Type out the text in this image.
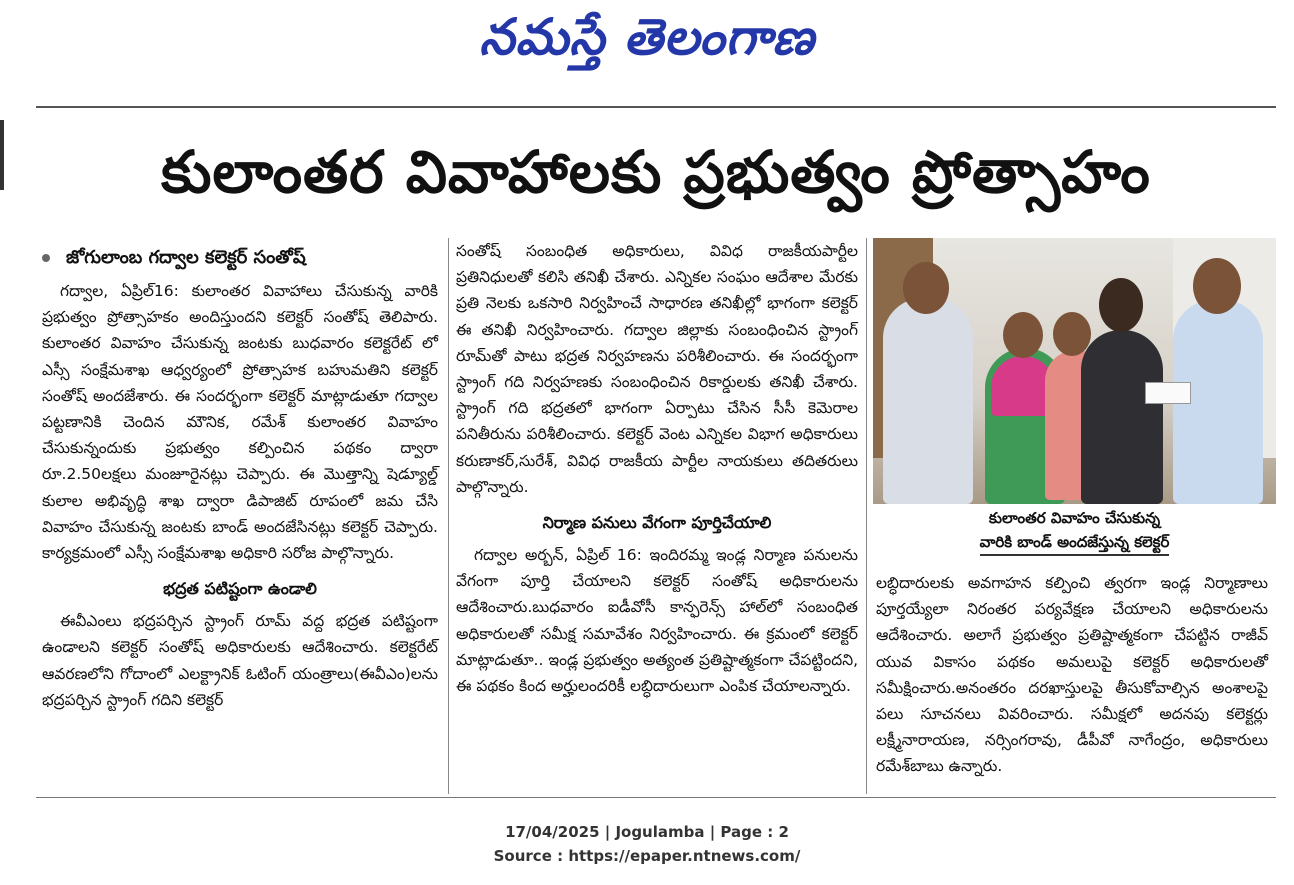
నమస్తే తెలంగాణ
కులాంతర వివాహాలకు ప్రభుత్వం ప్రోత్సాహం
జోగులాంబ గద్వాల కలెక్టర్ సంతోష్

గద్వాల, ఏప్రిల్16: కులాంతర వివాహాలు చేసుకున్న వారికి ప్రభుత్వం ప్రోత్సాహకం అందిస్తుందని కలెక్టర్ సంతోష్ తెలిపారు. కులాంతర వివాహం చేసుకున్న జంటకు బుధవారం కలెక్టరేట్ లో ఎస్సీ సంక్షేమశాఖ ఆధ్వర్యంలో ప్రోత్సాహక బహుమతిని కలెక్టర్ సంతోష్ అందజేశారు. ఈ సందర్భంగా కలెక్టర్ మాట్లాడుతూ గద్వాల పట్టణానికి చెందిన మౌనిక, రమేశ్ కులాంతర వివాహం చేసుకున్నందుకు ప్రభుత్వం కల్పించిన పథకం ద్వారా రూ.2.50లక్షలు మంజూరైనట్లు చెప్పారు. ఈ మొత్తాన్ని షెడ్యూల్డ్ కులాల అభివృద్ధి శాఖ ద్వారా డిపాజిట్ రూపంలో జమ చేసి వివాహం చేసుకున్న జంటకు బాండ్ అందజేసినట్లు కలెక్టర్ చెప్పారు. కార్యక్రమంలో ఎస్సీ సంక్షేమశాఖ అధికారి సరోజ పాల్గొన్నారు.

భద్రత పటిష్టంగా ఉండాలి

ఈవీఎంలు భద్రపర్చిన స్ట్రాంగ్ రూమ్ వద్ద భద్రత పటిష్టంగా ఉండాలని కలెక్టర్ సంతోష్ అధికారులకు ఆదేశించారు. కలెక్టరేట్ ఆవరణలోని గోదాంలో ఎలక్ట్రానిక్ ఓటింగ్ యంత్రాలు(ఈవీఎం)లను భద్రపర్చిన స్ట్రాంగ్ గదిని కలెక్టర్

సంతోష్ సంబంధిత అధికారులు, వివిధ రాజకీయపార్టీల ప్రతినిధులతో కలిసి తనిఖీ చేశారు. ఎన్నికల సంఘం ఆదేశాల మేరకు ప్రతి నెలకు ఒకసారి నిర్వహించే సాధారణ తనిఖీల్లో భాగంగా కలెక్టర్ ఈ తనిఖీ నిర్వహించారు. గద్వాల జిల్లాకు సంబంధించిన స్ట్రాంగ్ రూమ్‌తో పాటు భద్రత నిర్వహణను పరిశీలించారు. ఈ సందర్భంగా స్ట్రాంగ్ గది నిర్వహణకు సంబంధించిన రికార్డులకు తనిఖీ చేశారు. స్ట్రాంగ్ గది భద్రతలో భాగంగా ఏర్పాటు చేసిన సీసీ కెమెరాల పనితీరును పరిశీలించారు. కలెక్టర్ వెంట ఎన్నికల విభాగ అధికారులు కరుణాకర్,సురేశ్, వివిధ రాజకీయ పార్టీల నాయకులు తదితరులు పాల్గొన్నారు.

నిర్మాణ పనులు వేగంగా పూర్తిచేయాలి

గద్వాల అర్బన్, ఏప్రిల్ 16: ఇందిరమ్మ ఇండ్ల నిర్మాణ పనులను వేగంగా పూర్తి చేయాలని కలెక్టర్ సంతోష్ అధికారులను ఆదేశించారు.బుధవారం ఐడీవోసీ కాన్ఫరెన్స్ హాల్‌లో సంబంధిత అధికారులతో సమీక్ష సమావేశం నిర్వహించారు. ఈ క్రమంలో కలెక్టర్ మాట్లాడుతూ.. ఇండ్ల ప్రభుత్వం అత్యంత ప్రతిష్టాత్మకంగా చేపట్టిందని, ఈ పథకం కింద అర్హులందరికీ లబ్ధిదారులుగా ఎంపిక చేయాలన్నారు.

కులాంతర వివాహం చేసుకున్న
వారికి బాండ్ అందజేస్తున్న కలెక్టర్

లబ్ధిదారులకు అవగాహన కల్పించి త్వరగా ఇండ్ల నిర్మాణాలు పూర్తయ్యేలా నిరంతర పర్యవేక్షణ చేయాలని అధికారులను ఆదేశించారు. అలాగే ప్రభుత్వం ప్రతిష్టాత్మకంగా చేపట్టిన రాజీవ్ యువ వికాసం పథకం అమలుపై కలెక్టర్ అధికారులతో సమీక్షించారు.అనంతరం దరఖాస్తులపై తీసుకోవాల్సిన అంశాలపై పలు సూచనలు వివరించారు. సమీక్షలో అదనపు కలెక్టర్లు లక్ష్మీనారాయణ, నర్సింగరావు, డీపీవో నాగేంద్రం, అధికారులు రమేశ్‌బాబు ఉన్నారు.

17/04/2025 | Jogulamba | Page : 2
Source : https://epaper.ntnews.com/
